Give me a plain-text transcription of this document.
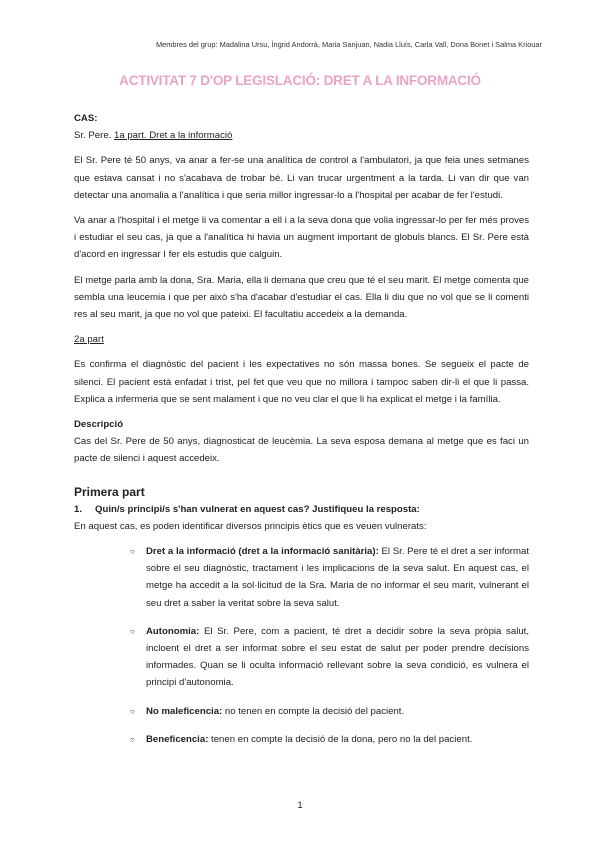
Membres del grup: Madalina Ursu, Íngrid Andorrà, Maria Sanjuan, Nadia Lluís, Carla Vall, Dona Bonet i Salma Kriouar
ACTIVITAT 7 D'OP LEGISLACIÓ: DRET A LA INFORMACIÓ

CAS:

Sr. Pere. 1a part. Dret a la informació

El Sr. Pere té 50 anys, va anar a fer-se una analítica de control a l'ambulatori, ja que feia unes setmanes que estava cansat i no s'acabava de trobar bé. Li van trucar urgentment a la tarda. Li van dir que van detectar una anomalia a l'analítica i que seria millor ingressar-lo a l'hospital per acabar de fer l'estudi.

Va anar a l'hospital i el metge li va comentar a ell i a la seva dona que volia ingressar-lo per fer més proves i estudiar el seu cas, ja que a l'analítica hi havia un augment important de globuls blancs. El Sr. Pere està d'acord en ingressar I fer els estudis que calguin.

El metge parla amb la dona, Sra. Maria, ella li demana que creu que té el seu marit. El metge comenta que sembla una leucemia i que per això s'ha d'acabar d'estudiar el cas. Ella li diu que no vol que se li comenti res al seu marit, ja que no vol que pateixi. El facultatiu accedeix a la demanda.

2a part

Es confirma el diagnòstic del pacient i les expectatives no són massa bones. Se segueix el pacte de silenci. El pacient està enfadat i trist, pel fet que veu que no millora i tampoc saben dir-li el que li passa. Explica a infermeria que se sent malament i que no veu clar el que li ha explicat el metge i la família.

Descripció

Cas del Sr. Pere de 50 anys, diagnosticat de leucèmia. La seva esposa demana al metge que es faci un pacte de silenci i aquest accedeix.

Primera part

1. Quin/s principi/s s'han vulnerat en aquest cas? Justifiqueu la resposta:

En aquest cas, es poden identificar diversos principis ètics que es veuen vulnerats:

○ Dret a la informació (dret a la informació sanitària): El Sr. Pere té el dret a ser informat sobre el seu diagnòstic, tractament i les implicacions de la seva salut. En aquest cas, el metge ha accedit a la sol·licitud de la Sra. Maria de no informar el seu marit, vulnerant el seu dret a saber la veritat sobre la seva salut.
○ Autonomia: El Sr. Pere, com a pacient, té dret a decidir sobre la seva pròpia salut, incloent el dret a ser informat sobre el seu estat de salut per poder prendre decisions informades. Quan se li oculta informació rellevant sobre la seva condició, es vulnera el principi d'autonomia.
○ No maleficencia: no tenen en compte la decisió del pacient.
○ Beneficencia: tenen en compte la decisió de la dona, pero no la del pacient.
1
